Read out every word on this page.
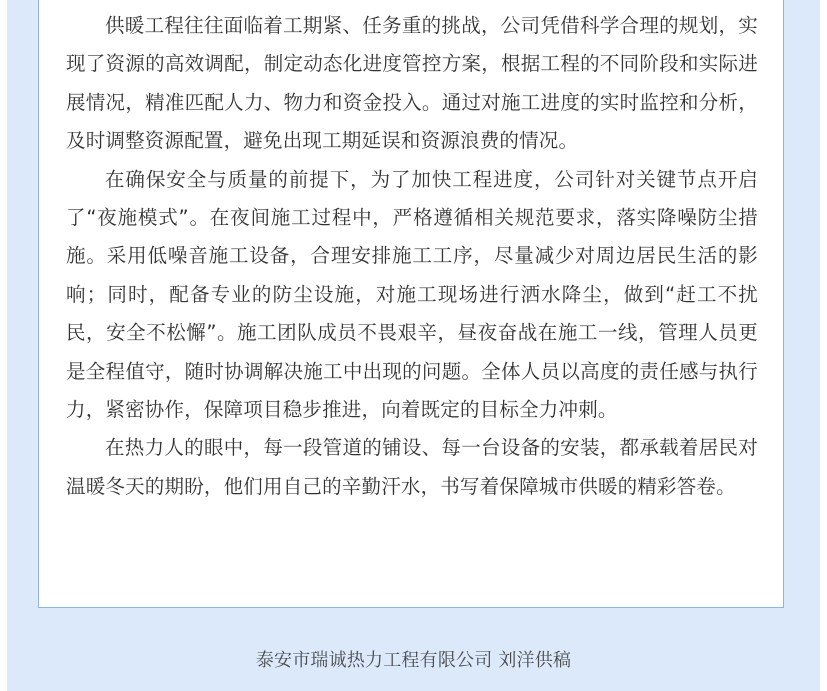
供暖工程往往面临着工期紧、任务重的挑战，公司凭借科学合理的规划，实现了资源的高效调配，制定动态化进度管控方案，根据工程的不同阶段和实际进展情况，精准匹配人力、物力和资金投入。通过对施工进度的实时监控和分析，及时调整资源配置，避免出现工期延误和资源浪费的情况。

在确保安全与质量的前提下，为了加快工程进度，公司针对关键节点开启了“夜施模式”。在夜间施工过程中，严格遵循相关规范要求，落实降噪防尘措施。采用低噪音施工设备，合理安排施工工序，尽量减少对周边居民生活的影响；同时，配备专业的防尘设施，对施工现场进行洒水降尘，做到“赶工不扰民，安全不松懈”。施工团队成员不畏艰辛，昼夜奋战在施工一线，管理人员更是全程值守，随时协调解决施工中出现的问题。全体人员以高度的责任感与执行力，紧密协作，保障项目稳步推进，向着既定的目标全力冲刺。

在热力人的眼中，每一段管道的铺设、每一台设备的安装，都承载着居民对温暖冬天的期盼，他们用自己的辛勤汗水，书写着保障城市供暖的精彩答卷。

泰安市瑞诚热力工程有限公司 刘洋供稿
